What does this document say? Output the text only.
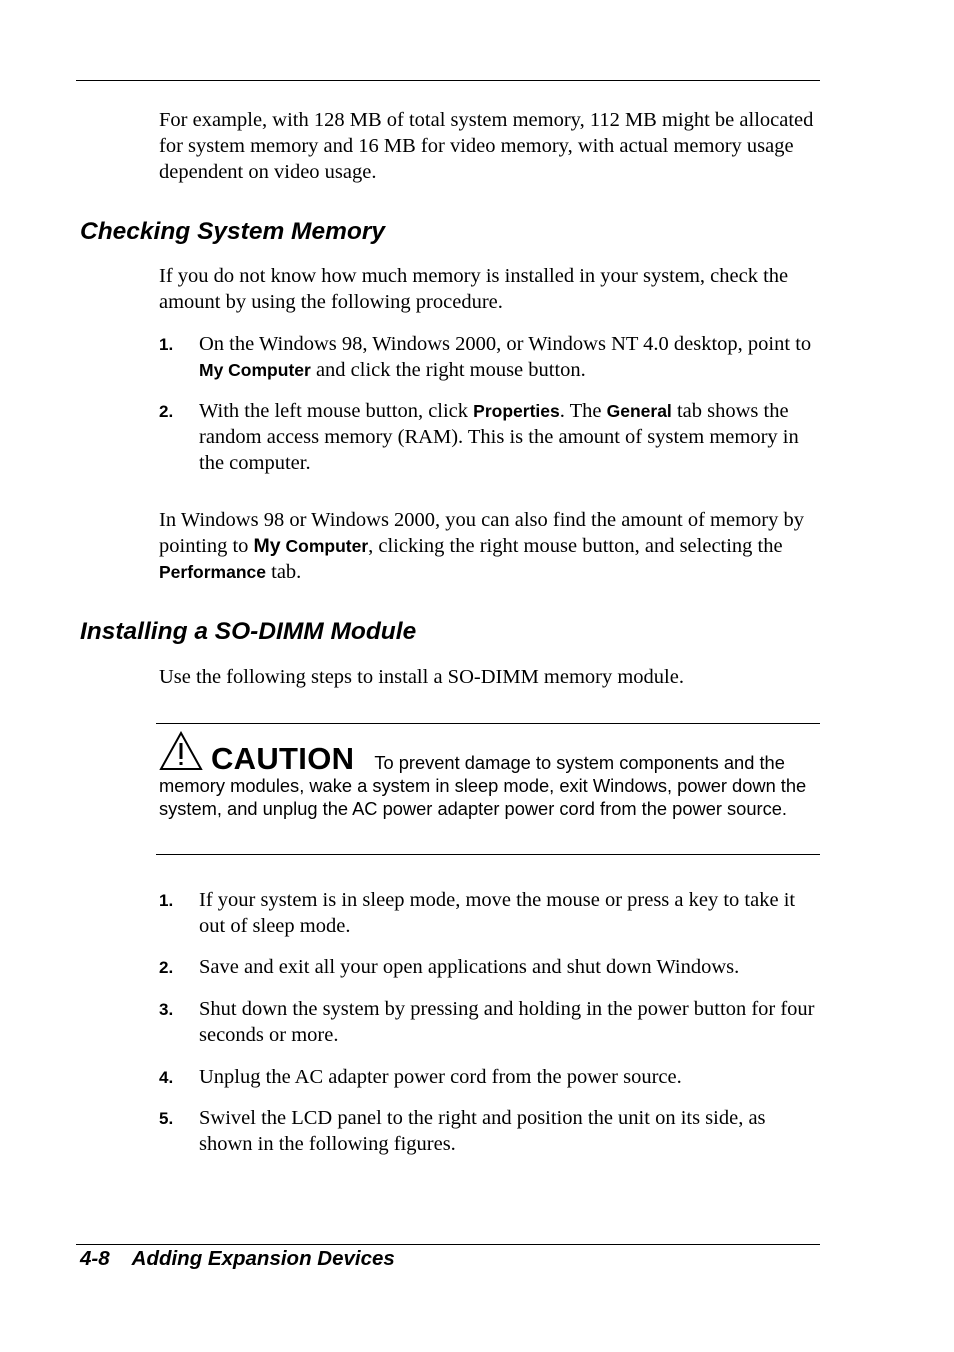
For example, with 128 MB of total system memory, 112 MB might be allocated for system memory and 16 MB for video memory, with actual memory usage dependent on video usage.

Checking System Memory

If you do not know how much memory is installed in your system, check the amount by using the following procedure.

1. On the Windows 98, Windows 2000, or Windows NT 4.0 desktop, point to My Computer and click the right mouse button.

2. With the left mouse button, click Properties. The General tab shows the random access memory (RAM). This is the amount of system memory in the computer.

In Windows 98 or Windows 2000, you can also find the amount of memory by pointing to My Computer, clicking the right mouse button, and selecting the Performance tab.

Installing a SO-DIMM Module

Use the following steps to install a SO-DIMM memory module.

CAUTION To prevent damage to system components and the memory modules, wake a system in sleep mode, exit Windows, power down the system, and unplug the AC power adapter power cord from the power source.
1. If your system is in sleep mode, move the mouse or press a key to take it out of sleep mode.

2. Save and exit all your open applications and shut down Windows.

3. Shut down the system by pressing and holding in the power button for four seconds or more.

4. Unplug the AC adapter power cord from the power source.

5. Swivel the LCD panel to the right and position the unit on its side, as shown in the following figures.

4-8 Adding Expansion Devices
